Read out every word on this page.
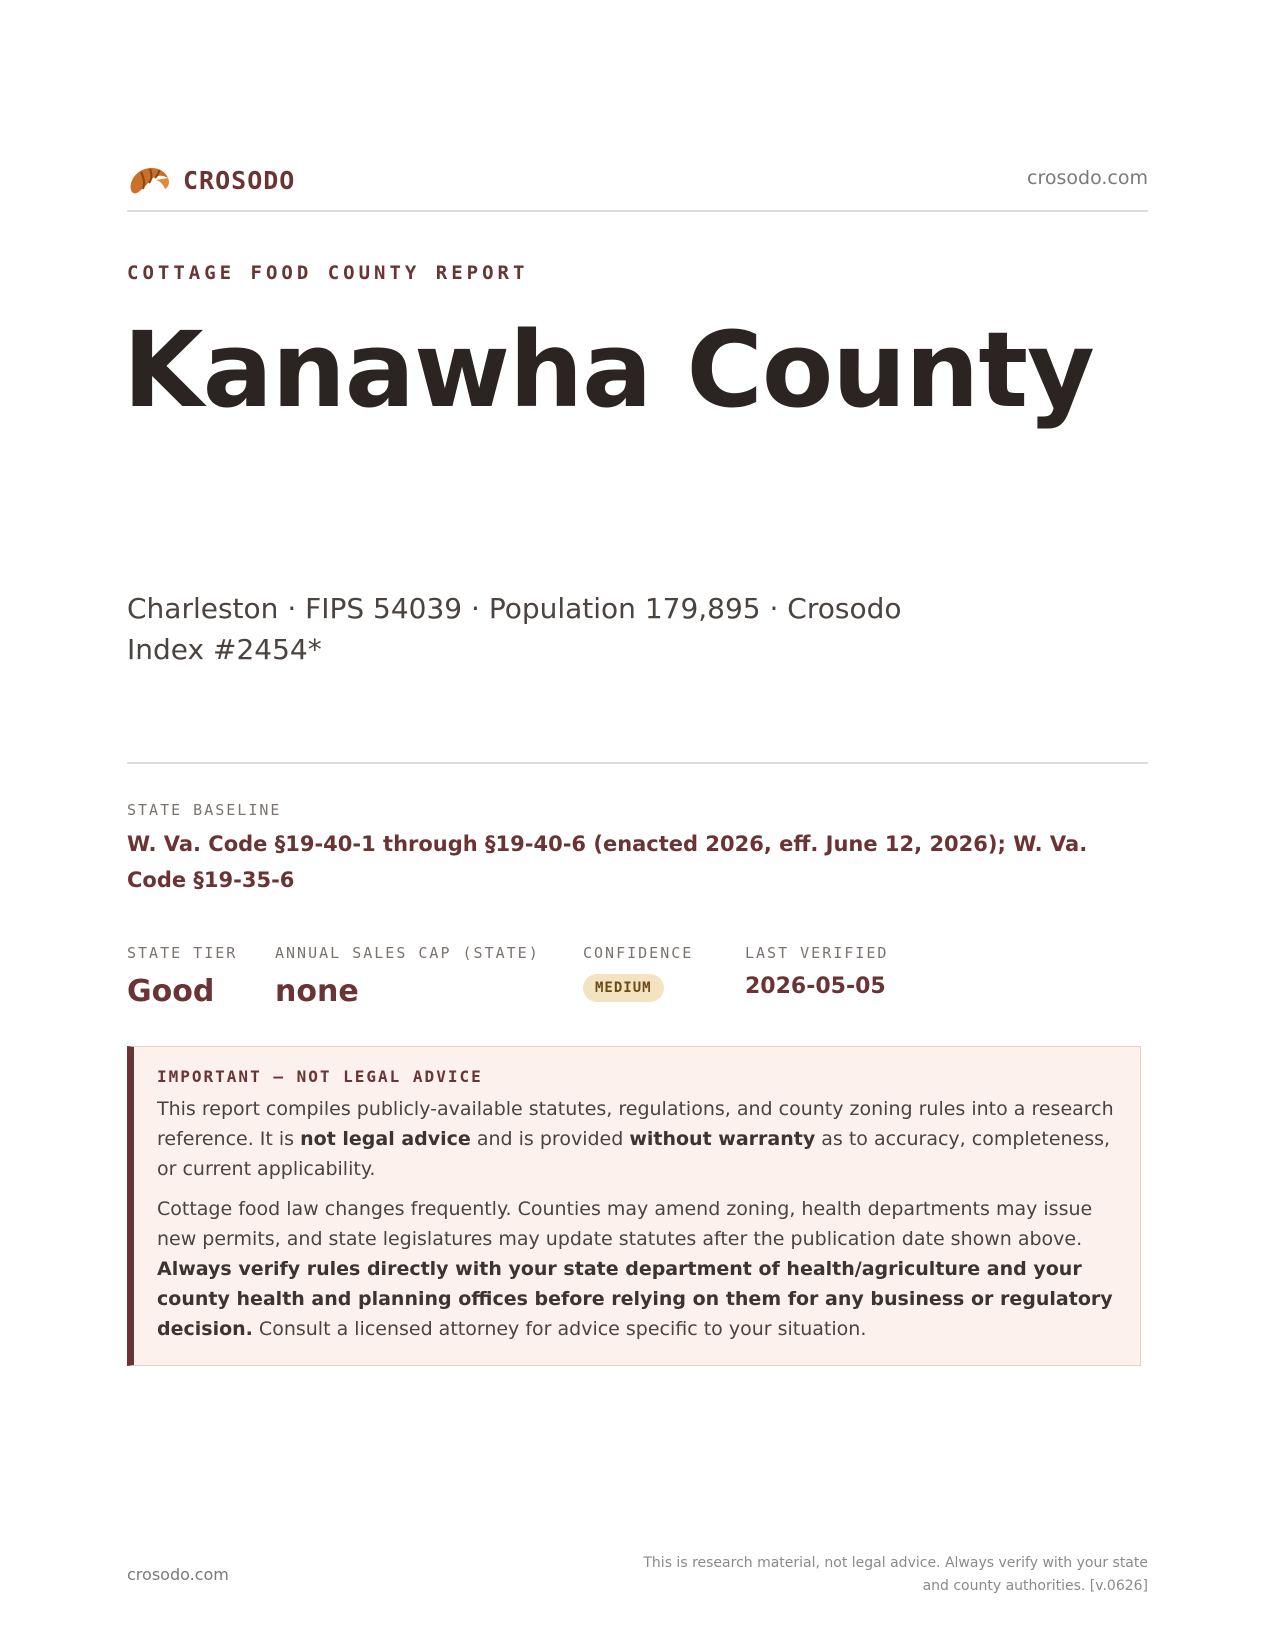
CROSODO	crosodo.com
COTTAGE FOOD COUNTY REPORT
Kanawha County
Charleston · FIPS 54039 · Population 179,895 · Crosodo Index #2454*
STATE BASELINE
W. Va. Code §19-40-1 through §19-40-6 (enacted 2026, eff. June 12, 2026); W. Va. Code §19-35-6
STATE TIER
Good
ANNUAL SALES CAP (STATE)
none
CONFIDENCE
MEDIUM
LAST VERIFIED
2026-05-05
IMPORTANT — NOT LEGAL ADVICE

This report compiles publicly-available statutes, regulations, and county zoning rules into a research reference. It is not legal advice and is provided without warranty as to accuracy, completeness, or current applicability.

Cottage food law changes frequently. Counties may amend zoning, health departments may issue new permits, and state legislatures may update statutes after the publication date shown above. Always verify rules directly with your state department of health/agriculture and your county health and planning offices before relying on them for any business or regulatory decision. Consult a licensed attorney for advice specific to your situation.

crosodo.com
This is research material, not legal advice. Always verify with your state
and county authorities. [v.0626]
